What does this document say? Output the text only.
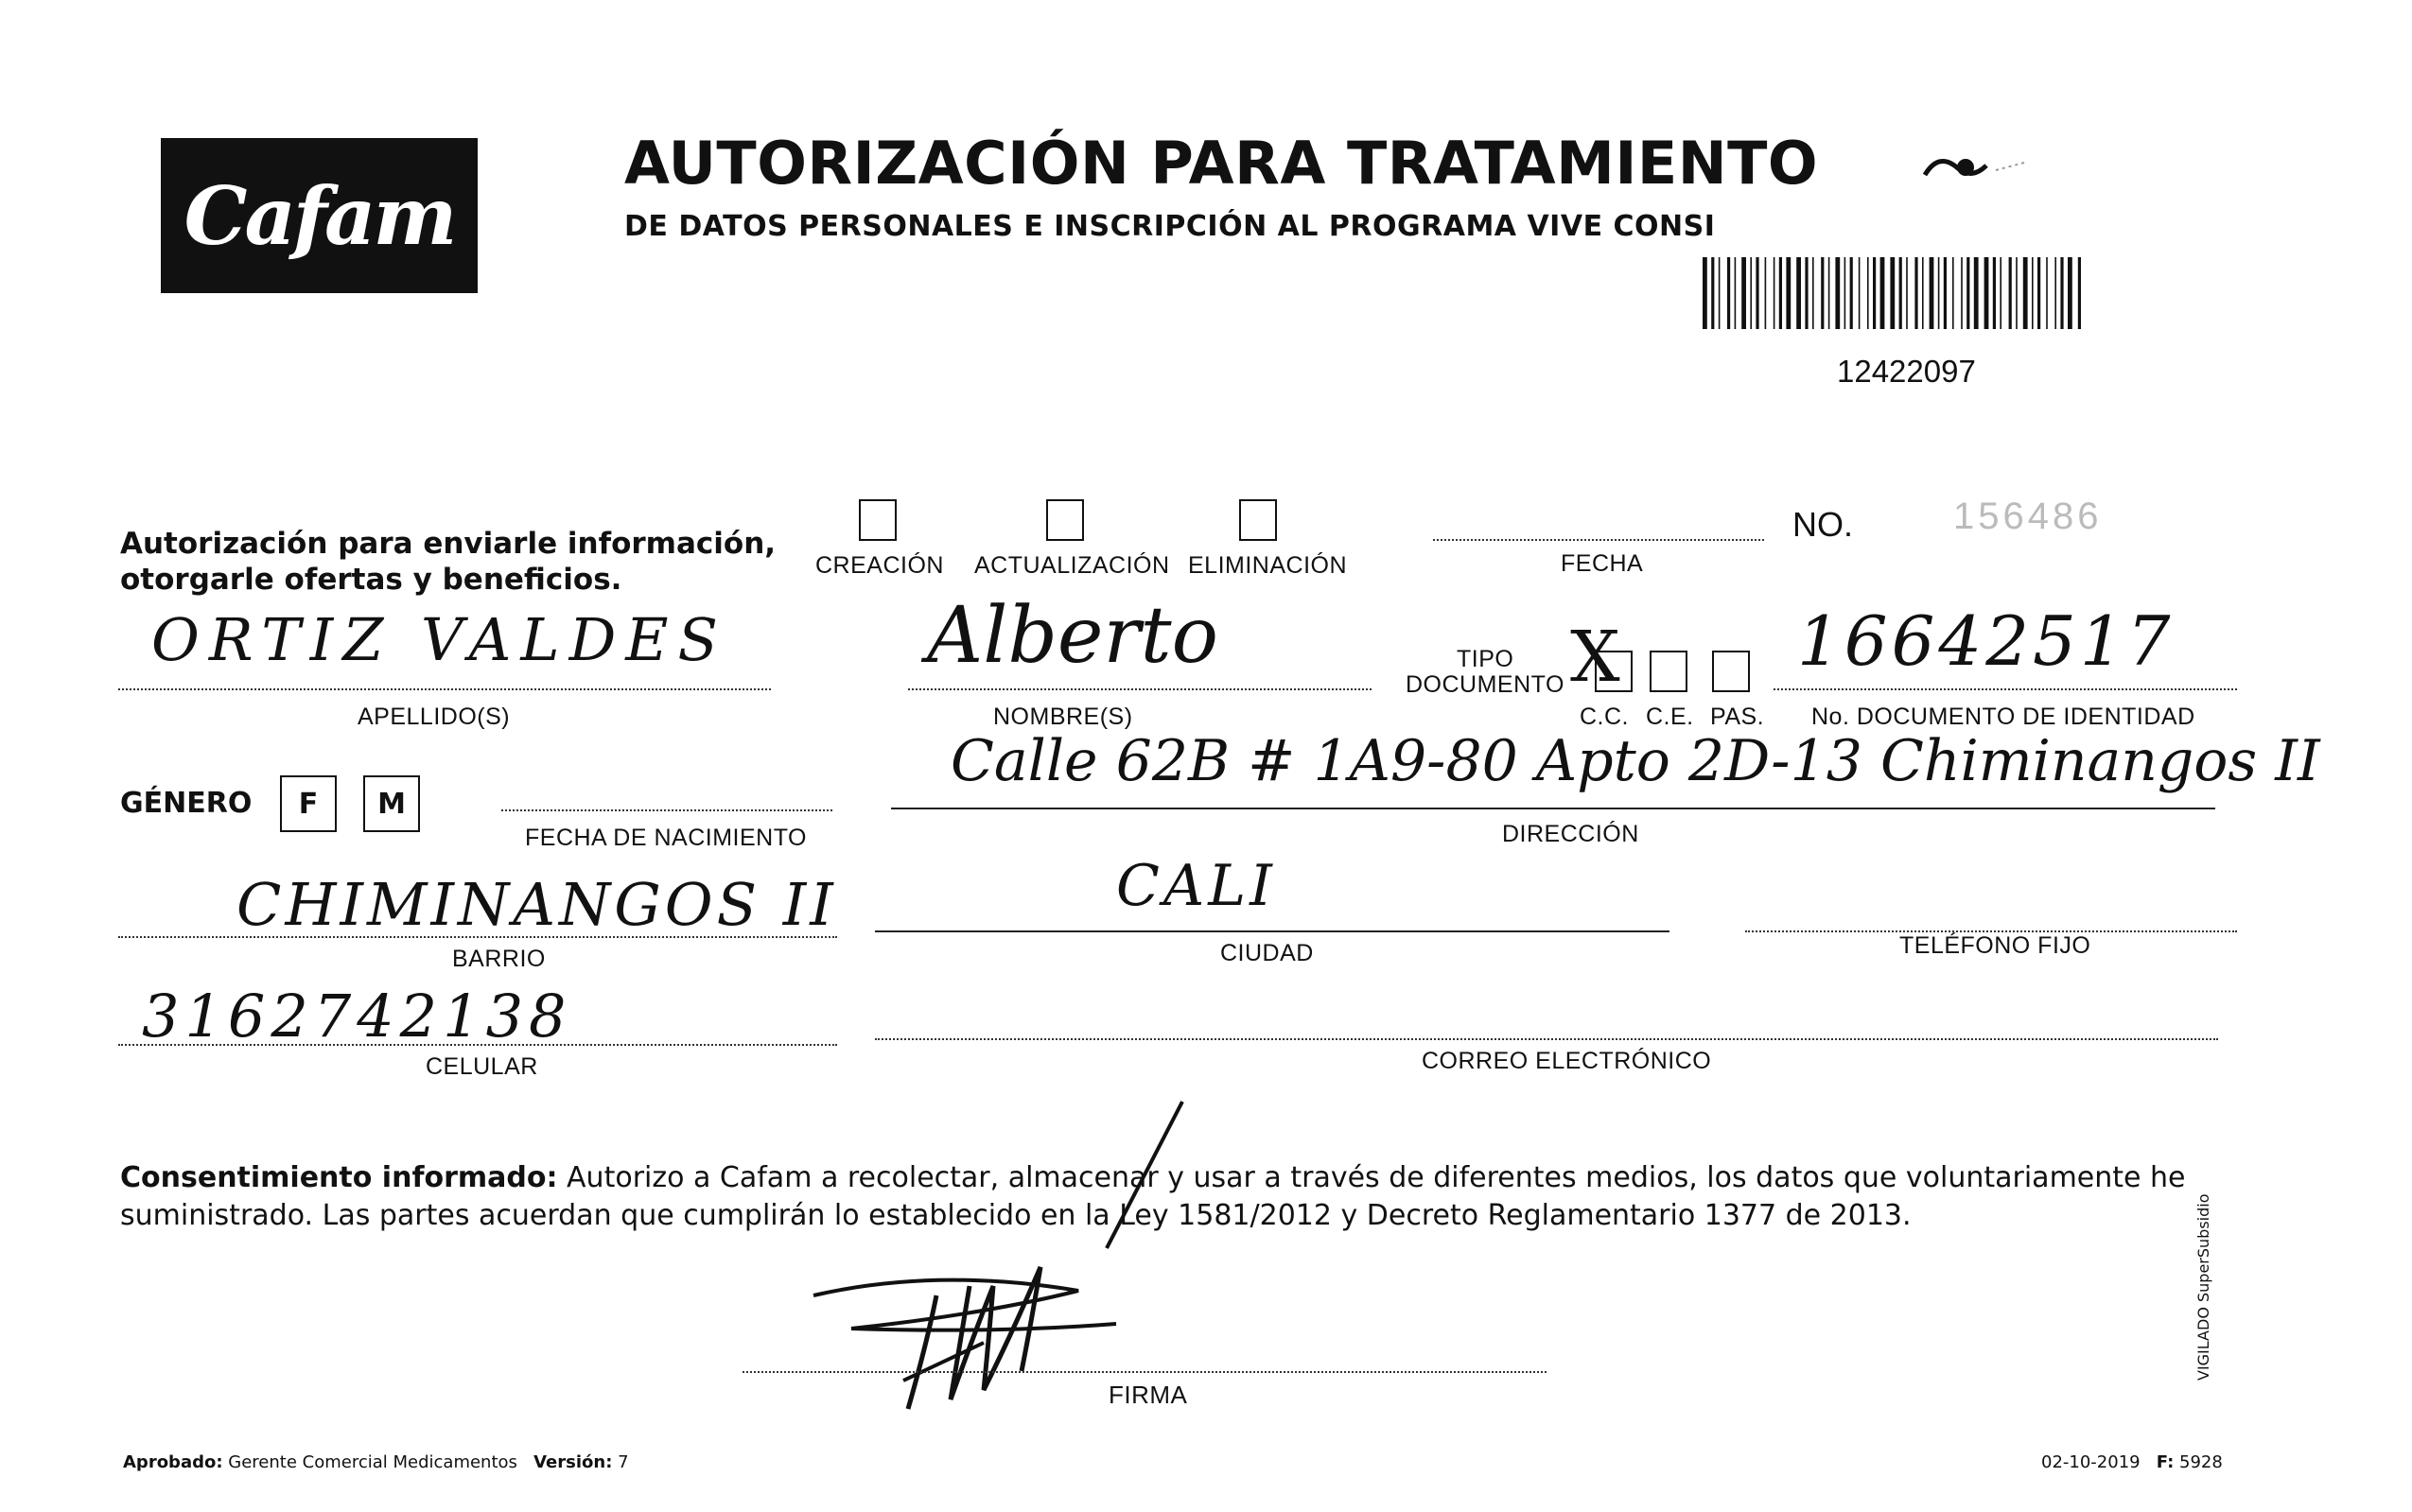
Cafam
AUTORIZACIÓN PARA TRATAMIENTO
DE DATOS PERSONALES E INSCRIPCIÓN AL PROGRAMA VIVE CONSI
12422097
Autorización para enviarle información,
otorgarle ofertas y beneficios.	CREACIÓN ACTUALIZACIÓN ELIMINACIÓN	FECHA
NO.	156486
ORTIZ VALDES
APELLIDO(S)
Alberto
NOMBRE(S)
TIPO
DOCUMENTO X
C.C. C.E. PAS.
16642517
No. DOCUMENTO DE IDENTIDAD
GÉNERO F M
FECHA DE NACIMIENTO
Calle 62B # 1A9-80 Apto 2D-13 Chiminangos II
DIRECCIÓN
CHIMINANGOS II
BARRIO
CALI
CIUDAD	TELÉFONO FIJO
3162742138
CELULAR	CORREO ELECTRÓNICO
Consentimiento informado: Autorizo a Cafam a recolectar, almacenar y usar a través de diferentes medios, los datos que voluntariamente he suministrado. Las partes acuerdan que cumplirán lo establecido en la Ley 1581/2012 y Decreto Reglamentario 1377 de 2013.
FIRMA
Aprobado: Gerente Comercial Medicamentos Versión: 7	02-10-2019 F: 5928
VIGILADO SuperSubsidio
